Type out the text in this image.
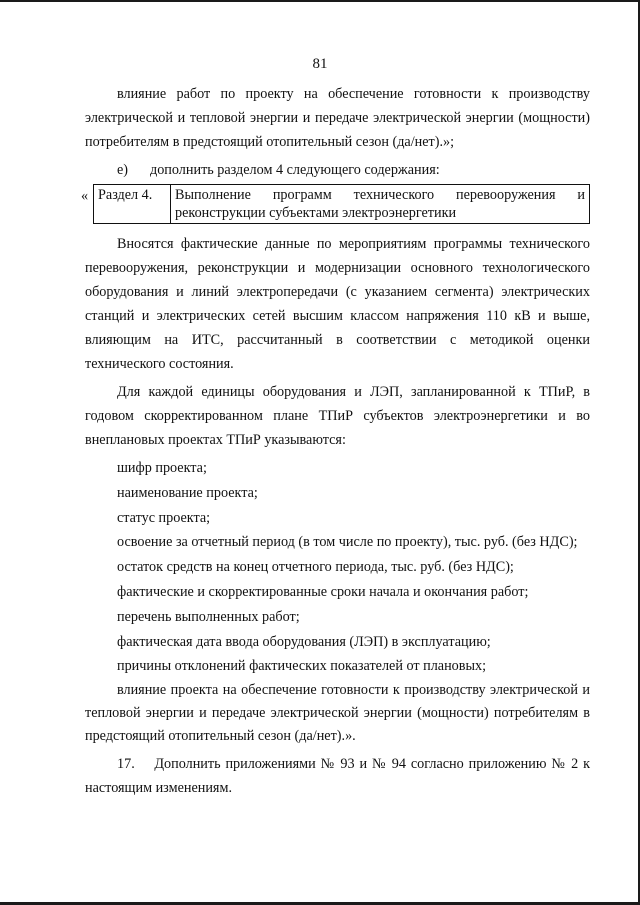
81

влияние работ по проекту на обеспечение готовности к производству электрической и тепловой энергии и передаче электрической энергии (мощности) потребителям в предстоящий отопительный сезон (да/нет).»;

е) дополнить разделом 4 следующего содержания:

« Раздел 4.	Выполнение программ технического перевооружения и реконструкции субъектами электроэнергетики

Вносятся фактические данные по мероприятиям программы технического перевооружения, реконструкции и модернизации основного технологического оборудования и линий электропередачи (с указанием сегмента) электрических станций и электрических сетей высшим классом напряжения 110 кВ и выше, влияющим на ИТС, рассчитанный в соответствии с методикой оценки технического состояния.

Для каждой единицы оборудования и ЛЭП, запланированной к ТПиР, в годовом скорректированном плане ТПиР субъектов электроэнергетики и во внеплановых проектах ТПиР указываются:

шифр проекта;

наименование проекта;

статус проекта;

освоение за отчетный период (в том числе по проекту), тыс. руб. (без НДС);

остаток средств на конец отчетного периода, тыс. руб. (без НДС);

фактические и скорректированные сроки начала и окончания работ;

перечень выполненных работ;

фактическая дата ввода оборудования (ЛЭП) в эксплуатацию;

причины отклонений фактических показателей от плановых;

влияние проекта на обеспечение готовности к производству электрической и тепловой энергии и передаче электрической энергии (мощности) потребителям в предстоящий отопительный сезон (да/нет).».

17. Дополнить приложениями № 93 и № 94 согласно приложению № 2 к настоящим изменениям.
